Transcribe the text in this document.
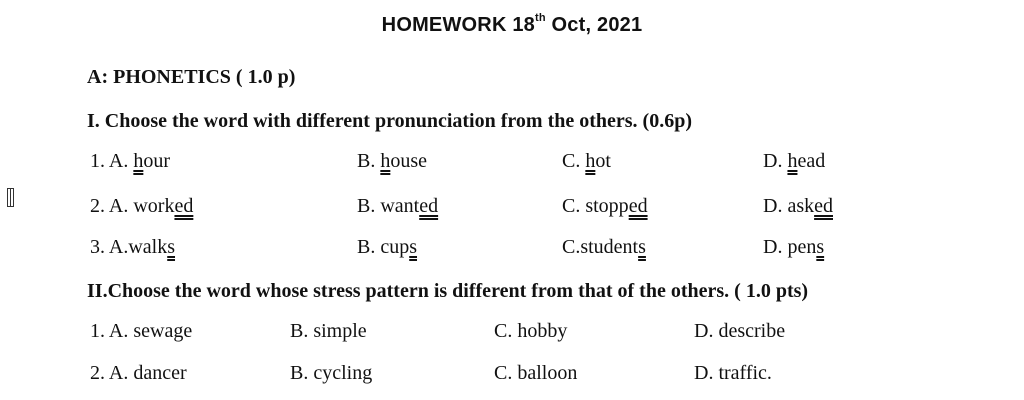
HOMEWORK 18th Oct, 2021
A: PHONETICS ( 1.0 p)
I. Choose the word with different pronunciation from the others. (0.6p)
1. A. hour	B. house	C. hot	D. head
2. A. worked	B. wanted	C. stopped	D. asked
3. A.walks	B. cups	C.students	D. pens
II.Choose the word whose stress pattern is different from that of the others. ( 1.0 pts)
1. A. sewage	B. simple	C. hobby	D. describe
2. A. dancer	B. cycling	C. balloon	D. traffic.
